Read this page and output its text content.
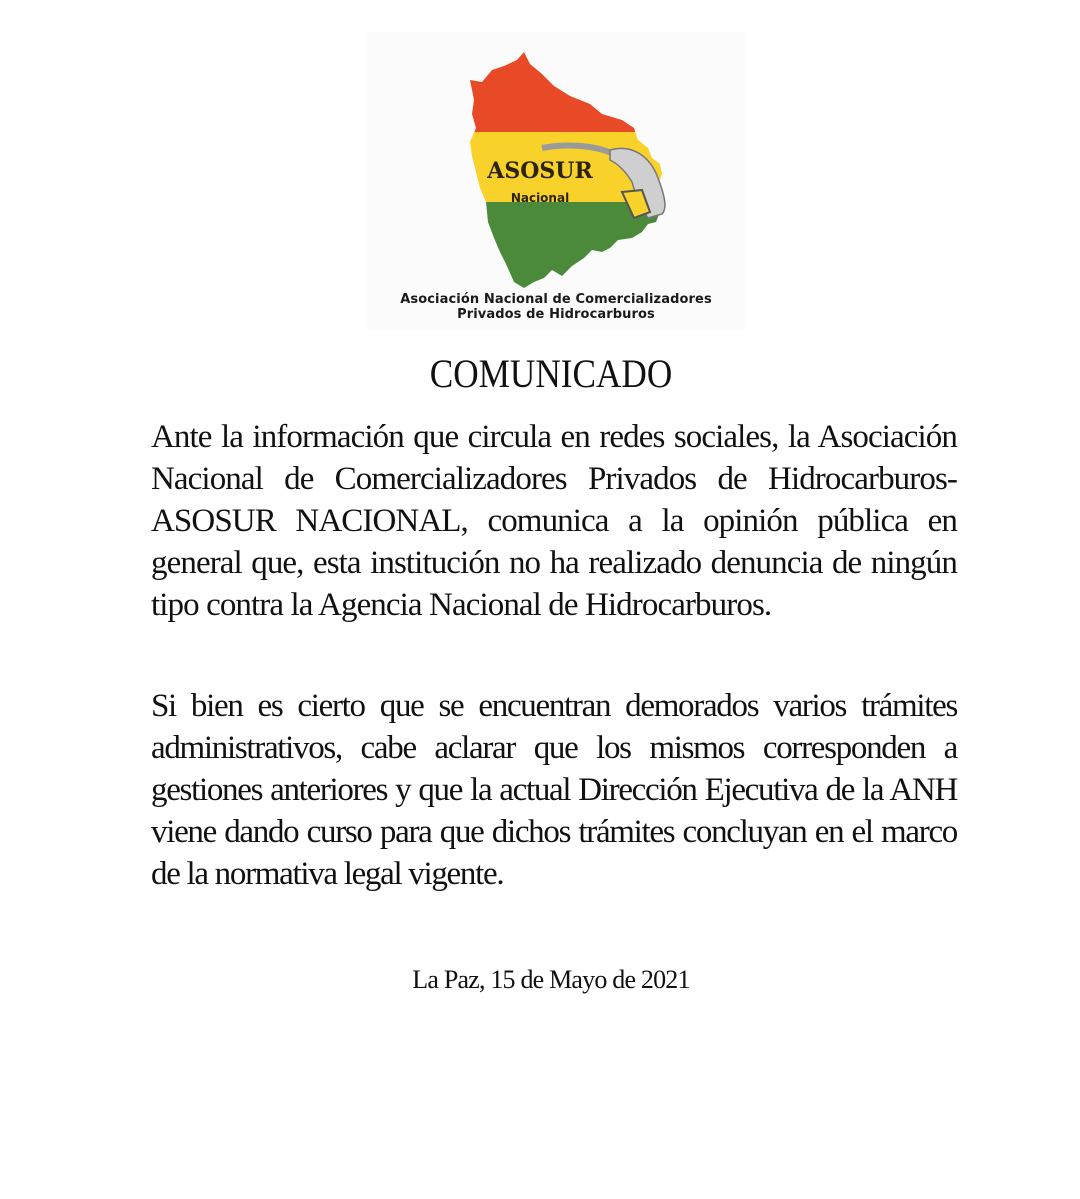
ASOSUR
Nacional
Asociación Nacional de Comercializadores
Privados de Hidrocarburos
COMUNICADO

Ante la información que circula en redes sociales, la Asociación Nacional de Comercializadores Privados de Hidrocarburos-ASOSUR NACIONAL, comunica a la opinión pública en general que, esta institución no ha realizado denuncia de ningún tipo contra la Agencia Nacional de Hidrocarburos.

Si bien es cierto que se encuentran demorados varios trámites administrativos, cabe aclarar que los mismos corresponden a gestiones anteriores y que la actual Dirección Ejecutiva de la ANH viene dando curso para que dichos trámites concluyan en el marco de la normativa legal vigente.

La Paz, 15 de Mayo de 2021
